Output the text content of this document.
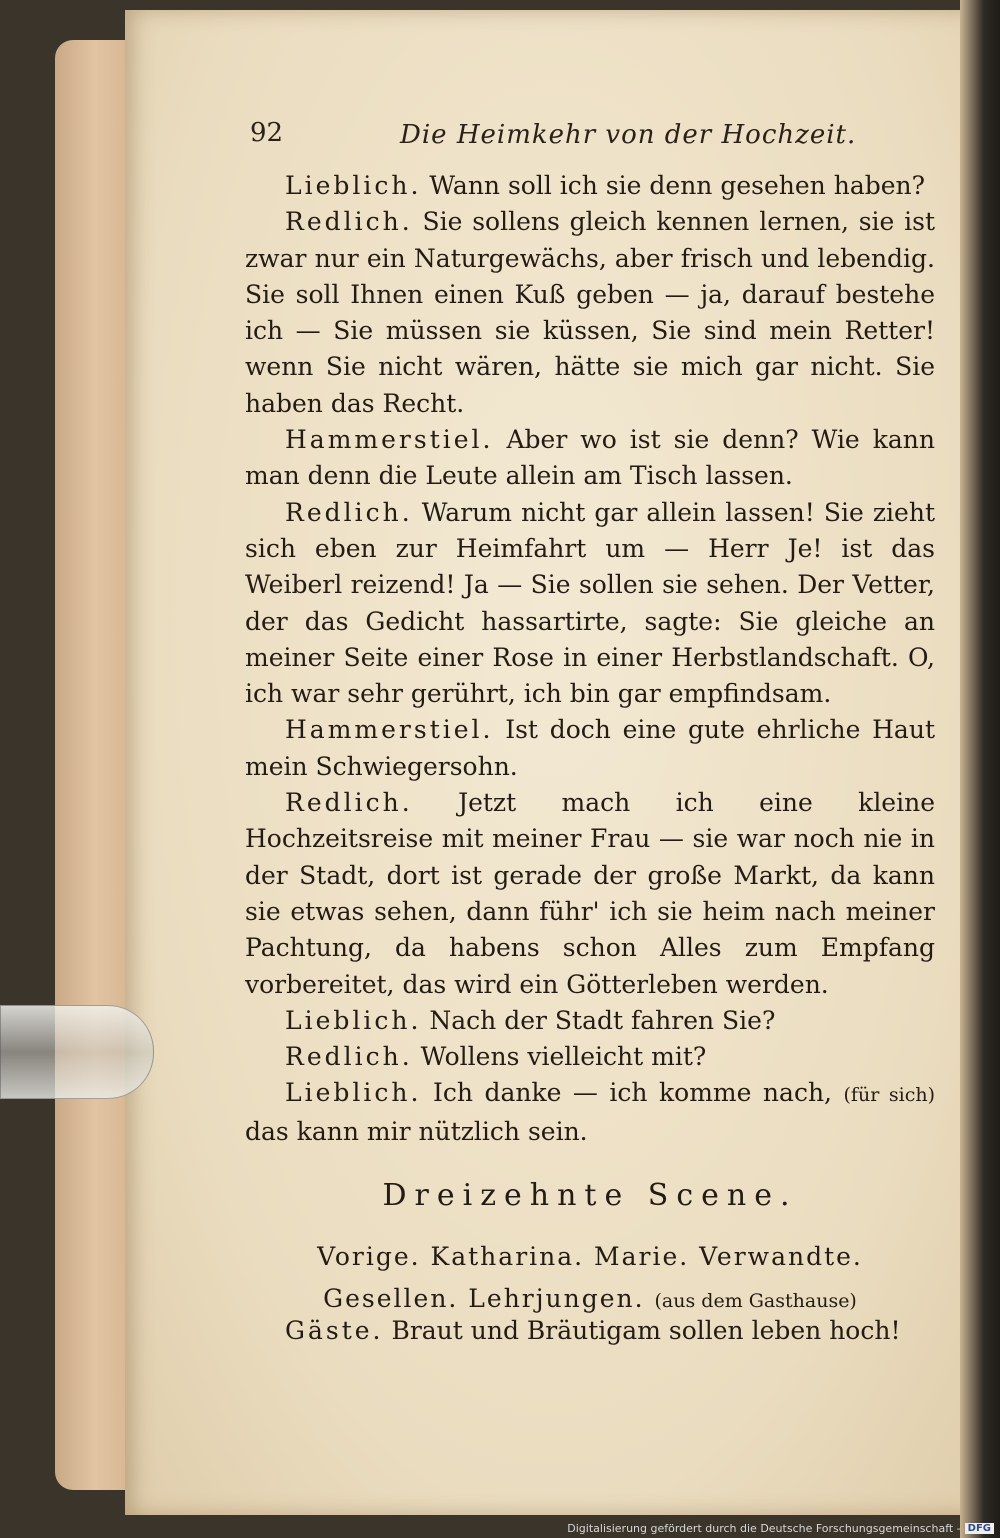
92	Die Heimkehr von der Hochzeit.

Lieblich. Wann soll ich sie denn gesehen haben?

Redlich. Sie sollens gleich kennen lernen, sie ist zwar nur ein Naturgewächs, aber frisch und lebendig. Sie soll Ihnen einen Kuß geben — ja, darauf bestehe ich — Sie müssen sie küssen, Sie sind mein Retter! wenn Sie nicht wären, hätte sie mich gar nicht. Sie haben das Recht.

Hammerstiel. Aber wo ist sie denn? Wie kann man denn die Leute allein am Tisch lassen.

Redlich. Warum nicht gar allein lassen! Sie zieht sich eben zur Heimfahrt um — Herr Je! ist das Weiberl reizend! Ja — Sie sollen sie sehen. Der Vetter, der das Gedicht hassartirte, sagte: Sie gleiche an meiner Seite einer Rose in einer Herbstlandschaft. O, ich war sehr gerührt, ich bin gar empfindsam.

Hammerstiel. Ist doch eine gute ehrliche Haut mein Schwiegersohn.

Redlich. Jetzt mach ich eine kleine Hochzeitsreise mit meiner Frau — sie war noch nie in der Stadt, dort ist gerade der große Markt, da kann sie etwas sehen, dann führ' ich sie heim nach meiner Pachtung, da habens schon Alles zum Empfang vorbereitet, das wird ein Götterleben werden.

Lieblich. Nach der Stadt fahren Sie?

Redlich. Wollens vielleicht mit?

Lieblich. Ich danke — ich komme nach, (für sich) das kann mir nützlich sein.

Dreizehnte Scene.
Vorige. Katharina. Marie. Verwandte.
Gesellen. Lehrjungen. (aus dem Gasthause)
Gäste. Braut und Bräutigam sollen leben hoch!
Digitalisierung gefördert durch die Deutsche Forschungsgemeinschaft - DFG
